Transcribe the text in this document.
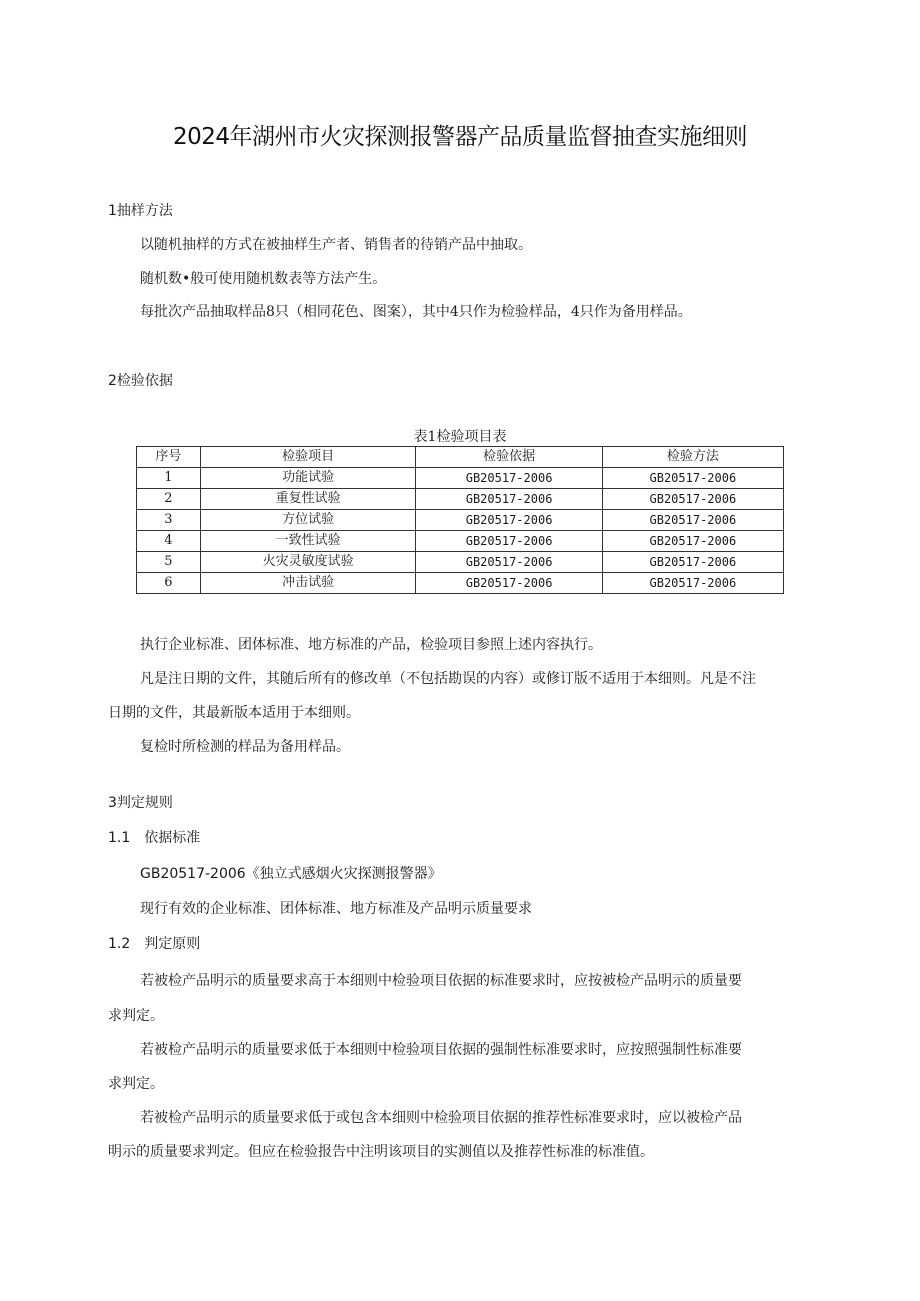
2024年湖州市火灾探测报警器产品质量监督抽查实施细则
1抽样方法
以随机抽样的方式在被抽样生产者、销售者的待销产品中抽取。
随机数•般可使用随机数表等方法产生。
每批次产品抽取样品8只（相同花色、图案），其中4只作为检验样品，4只作为备用样品。
2检验依据
表1检验项目表
序号	检验项目	检验依据	检验方法
1	功能试验	GB20517-2006	GB20517-2006
2	重复性试验	GB20517-2006	GB20517-2006
3	方位试验	GB20517-2006	GB20517-2006
4	一致性试验	GB20517-2006	GB20517-2006
5	火灾灵敏度试验	GB20517-2006	GB20517-2006
6	冲击试验	GB20517-2006	GB20517-2006
执行企业标准、团体标准、地方标准的产品，检验项目参照上述内容执行。
凡是注日期的文件，其随后所有的修改单（不包括勘误的内容）或修订版不适用于本细则。凡是不注
日期的文件，其最新版本适用于本细则。
复检时所检测的样品为备用样品。
3判定规则
1.1　依据标准
GB20517-2006《独立式感烟火灾探测报警器》
现行有效的企业标准、团体标准、地方标准及产品明示质量要求
1.2　判定原则
若被检产品明示的质量要求高于本细则中检验项目依据的标准要求时，应按被检产品明示的质量要
求判定。
若被检产品明示的质量要求低于本细则中检验项目依据的强制性标准要求时，应按照强制性标准要
求判定。
若被检产品明示的质量要求低于或包含本细则中检验项目依据的推荐性标准要求时，应以被检产品
明示的质量要求判定。但应在检验报告中注明该项目的实测值以及推荐性标准的标准值。
